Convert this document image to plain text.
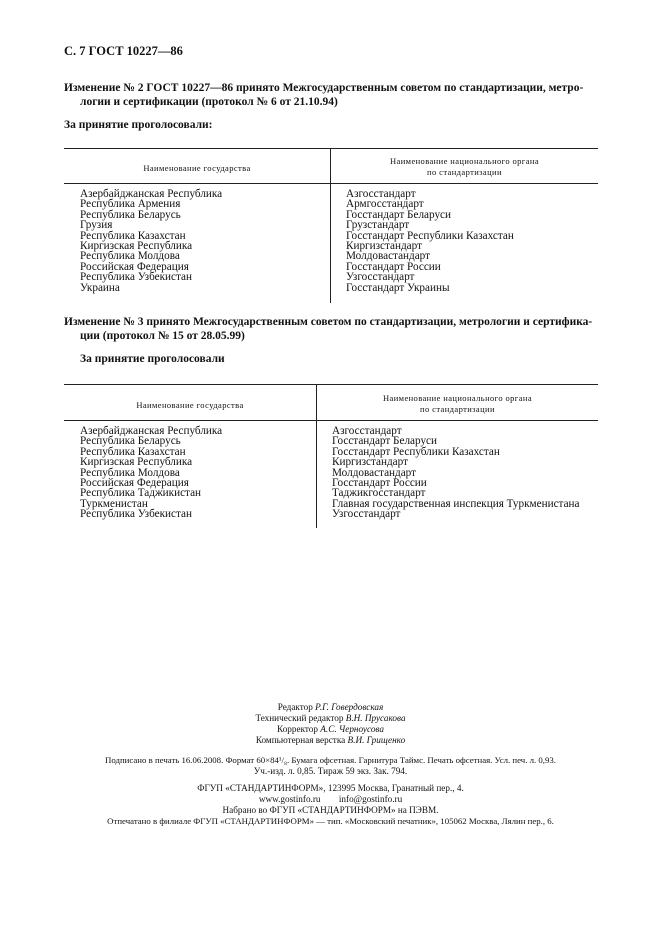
С. 7 ГОСТ 10227—86
Изменение № 2 ГОСТ 10227—86 принято Межгосударственным советом по стандартизации, метро-
логии и сертификации (протокол № 6 от 21.10.94)
За принятие проголосовали:
Наименование государства
Наименование национального органа
по стандартизации
Азербайджанская Республика
Республика Армения
Республика Беларусь
Грузия
Республика Казахстан
Киргизская Республика
Республика Молдова
Российская Федерация
Республика Узбекистан
Украина
Азгосстандарт
Армгосстандарт
Госстандарт Беларуси
Грузстандарт
Госстандарт Республики Казахстан
Киргизстандарт
Молдовастандарт
Госстандарт России
Узгосстандарт
Госстандарт Украины
Изменение № 3 принято Межгосударственным советом по стандартизации, метрологии и сертифика-
ции (протокол № 15 от 28.05.99)
За принятие проголосовали
Наименование государства
Наименование национального органа
по стандартизации
Азербайджанская Республика
Республика Беларусь
Республика Казахстан
Киргизская Республика
Республика Молдова
Российская Федерация
Республика Таджикистан
Туркменистан
Республика Узбекистан
Азгосстандарт
Госстандарт Беларуси
Госстандарт Республики Казахстан
Киргизстандарт
Молдовастандарт
Госстандарт России
Таджикгосстандарт
Главная государственная инспекция Туркменистана
Узгосстандарт
Редактор Р.Г. Говердовская
Технический редактор В.Н. Прусакова
Корректор А.С. Черноусова
Компьютерная верстка В.И. Грищенко
Подписано в печать 16.06.2008. Формат 60×84¹/₈. Бумага офсетная. Гарнитура Таймс. Печать офсетная. Усл. печ. л. 0,93.
Уч.-изд. л. 0,85. Тираж 59 экз. Зак. 794.
ФГУП «СТАНДАРТИНФОРМ», 123995 Москва, Гранатный пер., 4.
www.gostinfo.ru info@gostinfo.ru
Набрано во ФГУП «СТАНДАРТИНФОРМ» на ПЭВМ.
Отпечатано в филиале ФГУП «СТАНДАРТИНФОРМ» — тип. «Московский печатник», 105062 Москва, Лялин пер., 6.
